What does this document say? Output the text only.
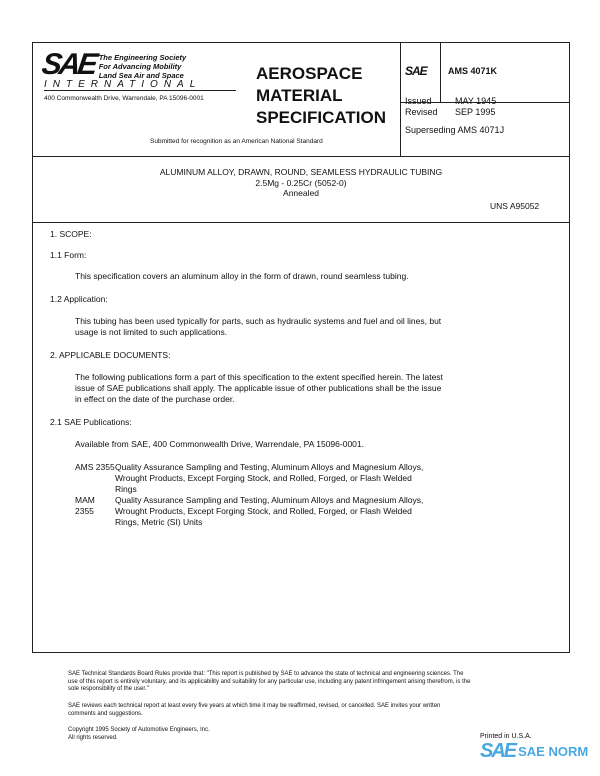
SAE The Engineering Society
For Advancing Mobility
Land Sea Air and Space
INTERNATIONAL
400 Commonwealth Drive, Warrendale, PA 15096-0001
AEROSPACE
MATERIAL
SPECIFICATION
Submitted for recognition as an American National Standard
SAE AMS 4071K
Issued	MAY 1945
Revised SEP 1995
Superseding AMS 4071J
ALUMINUM ALLOY, DRAWN, ROUND, SEAMLESS HYDRAULIC TUBING
2.5Mg - 0.25Cr (5052-0)
Annealed
UNS A95052
1. SCOPE:
1.1 Form:
This specification covers an aluminum alloy in the form of drawn, round seamless tubing.
1.2 Application:
This tubing has been used typically for parts, such as hydraulic systems and fuel and oil lines, but
usage is not limited to such applications.
2. APPLICABLE DOCUMENTS:
The following publications form a part of this specification to the extent specified herein. The latest
issue of SAE publications shall apply. The applicable issue of other publications shall be the issue
in effect on the date of the purchase order.
2.1 SAE Publications:
Available from SAE, 400 Commonwealth Drive, Warrendale, PA 15096-0001.
AMS 2355 Quality Assurance Sampling and Testing, Aluminum Alloys and Magnesium Alloys,
Wrought Products, Except Forging Stock, and Rolled, Forged, or Flash Welded
Rings
MAM 2355
Quality Assurance Sampling and Testing, Aluminum Alloys and Magnesium Alloys,
Wrought Products, Except Forging Stock, and Rolled, Forged, or Flash Welded
Rings, Metric (SI) Units
SAE Technical Standards Board Rules provide that: "This report is published by SAE to advance the state of technical and engineering sciences. The
use of this report is entirely voluntary, and its applicability and suitability for any particular use, including any patent infringement arising therefrom, is the
sole responsibility of the user."
SAE reviews each technical report at least every five years at which time it may be reaffirmed, revised, or cancelled. SAE invites your written
comments and suggestions.
Copyright 1995 Society of Automotive Engineers, Inc.
All rights reserved.	Printed in U.S.A.
SAE SAE NORM
